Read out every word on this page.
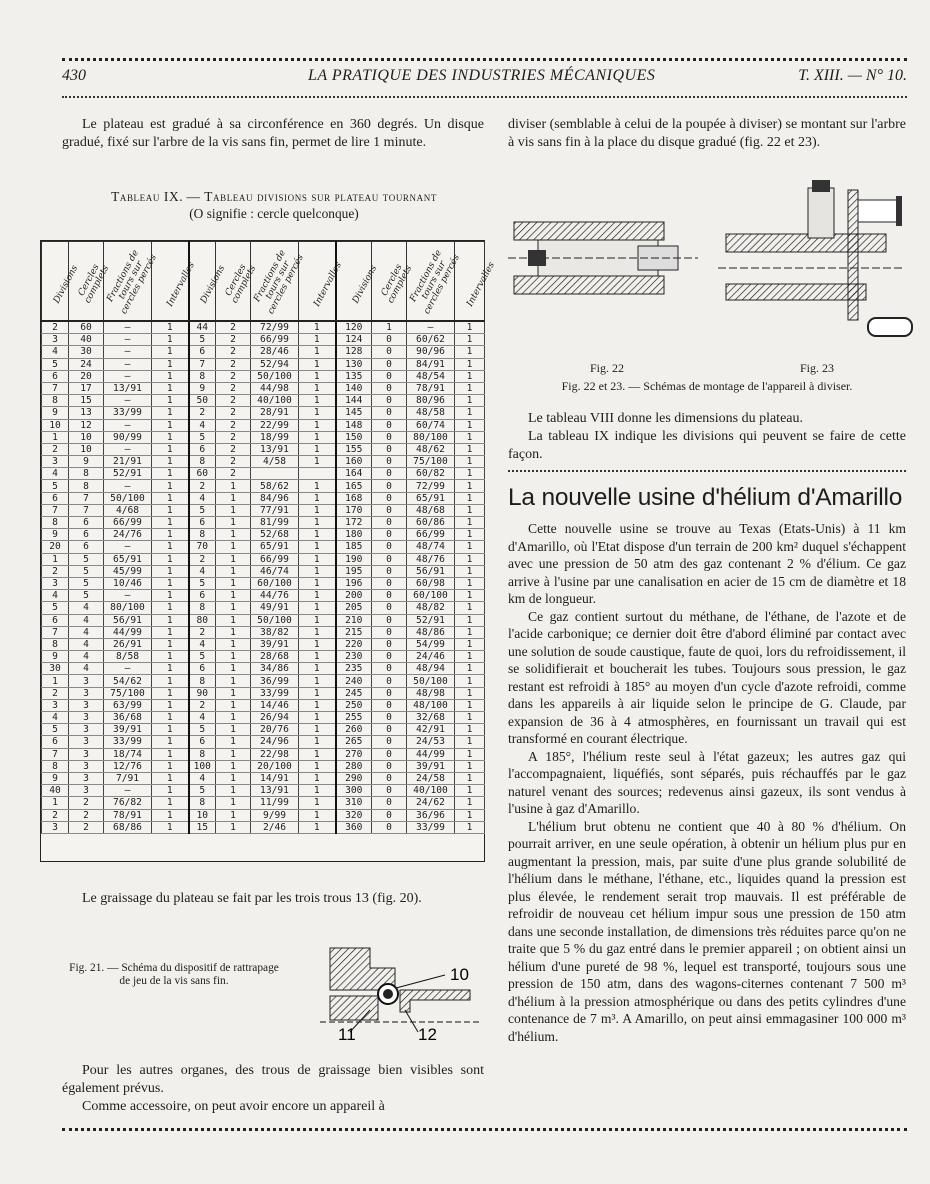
430	LA PRATIQUE DES INDUSTRIES MÉCANIQUES	T. XIII. — N° 10.

Le plateau est gradué à sa circonférence en 360 degrés. Un disque gradué, fixé sur l'arbre de la vis sans fin, permet de lire 1 minute.

Tableau IX. — Tableau divisions sur plateau tournant
(O signifie : cercle quelconque)
Divisions	Cercles complets	Fractions de tours sur cercles percés	Intervalles	Divisions	Cercles complets	Fractions de tours sur cercles percés	Intervalles	Divisions	Cercles complets	Fractions de tours sur cercles percés	Intervalles

2	60	—	1	44	2	72/99	1	120	1	—	1
3	40	—	1	5	2	66/99	1	124	0	60/62	1
4	30	—	1	6	2	28/46	1	128	0	90/96	1
5	24	—	1	7	2	52/94	1	130	0	84/91	1
6	20	—	1	8	2	50/100	1	135	0	48/54	1
7	17	13/91	1	9	2	44/98	1	140	0	78/91	1
8	15	—	1	50	2	40/100	1	144	0	80/96	1
9	13	33/99	1	2	2	28/91	1	145	0	48/58	1
10	12	—	1	4	2	22/99	1	148	0	60/74	1
1	10	90/99	1	5	2	18/99	1	150	0	80/100	1
2	10	—	1	6	2	13/91	1	155	0	48/62	1
3	9	21/91	1	8	2	4/58	1	160	0	75/100	1
4	8	52/91	1	60	2			164	0	60/82	1
5	8	—	1	2	1	58/62	1	165	0	72/99	1
6	7	50/100	1	4	1	84/96	1	168	0	65/91	1
7	7	4/68	1	5	1	77/91	1	170	0	48/68	1
8	6	66/99	1	6	1	81/99	1	172	0	60/86	1
9	6	24/76	1	8	1	52/68	1	180	0	66/99	1
20	6	—	1	70	1	65/91	1	185	0	48/74	1
1	5	65/91	1	2	1	66/99	1	190	0	48/76	1
2	5	45/99	1	4	1	46/74	1	195	0	56/91	1
3	5	10/46	1	5	1	60/100	1	196	0	60/98	1
4	5	—	1	6	1	44/76	1	200	0	60/100	1
5	4	80/100	1	8	1	49/91	1	205	0	48/82	1
6	4	56/91	1	80	1	50/100	1	210	0	52/91	1
7	4	44/99	1	2	1	38/82	1	215	0	48/86	1
8	4	26/91	1	4	1	39/91	1	220	0	54/99	1
9	4	8/58	1	5	1	28/68	1	230	0	24/46	1
30	4	—	1	6	1	34/86	1	235	0	48/94	1
1	3	54/62	1	8	1	36/99	1	240	0	50/100	1
2	3	75/100	1	90	1	33/99	1	245	0	48/98	1
3	3	63/99	1	2	1	14/46	1	250	0	48/100	1
4	3	36/68	1	4	1	26/94	1	255	0	32/68	1
5	3	39/91	1	5	1	20/76	1	260	0	42/91	1
6	3	33/99	1	6	1	24/96	1	265	0	24/53	1
7	3	18/74	1	8	1	22/98	1	270	0	44/99	1
8	3	12/76	1	100	1	20/100	1	280	0	39/91	1
9	3	7/91	1	4	1	14/91	1	290	0	24/58	1
40	3	—	1	5	1	13/91	1	300	0	40/100	1
1	2	76/82	1	8	1	11/99	1	310	0	24/62	1
2	2	78/91	1	10	1	9/99	1	320	0	36/96	1
3	2	68/86	1	15	1	2/46	1	360	0	33/99	1

Le graissage du plateau se fait par les trois trous 13 (fig. 20).

Fig. 21. — Schéma du dispositif de rattrapage de jeu de la vis sans fin.	10
11	12

Pour les autres organes, des trous de graissage bien visibles sont également prévus.

Comme accessoire, on peut avoir encore un appareil à

diviser (semblable à celui de la poupée à diviser) se montant sur l'arbre à vis sans fin à la place du disque gradué (fig. 22 et 23).

Fig. 22	Fig. 23
Fig. 22 et 23. — Schémas de montage de l'appareil à diviser.

Le tableau VIII donne les dimensions du plateau.

La tableau IX indique les divisions qui peuvent se faire de cette façon.

La nouvelle usine d'hélium d'Amarillo

Cette nouvelle usine se trouve au Texas (Etats-Unis) à 11 km d'Amarillo, où l'Etat dispose d'un terrain de 200 km² duquel s'échappent avec une pression de 50 atm des gaz contenant 2 % d'élium. Ce gaz arrive à l'usine par une canalisation en acier de 15 cm de diamètre et 18 km de longueur.

Ce gaz contient surtout du méthane, de l'éthane, de l'azote et de l'acide carbonique; ce dernier doit être d'abord éliminé par contact avec une solution de soude caustique, faute de quoi, lors du refroidissement, il se solidifierait et boucherait les tubes. Toujours sous pression, le gaz restant est refroidi à 185° au moyen d'un cycle d'azote refroidi, comme dans les appareils à air liquide selon le principe de G. Claude, par expansion de 36 à 4 atmosphères, en fournissant un travail qui est transformé en courant électrique.

A 185°, l'hélium reste seul à l'état gazeux; les autres gaz qui l'accompagnaient, liquéfiés, sont séparés, puis réchauffés par le gaz naturel venant des sources; redevenus ainsi gazeux, ils sont vendus à l'usine à gaz d'Amarillo.

L'hélium brut obtenu ne contient que 40 à 80 % d'hélium. On pourrait arriver, en une seule opération, à obtenir un hélium plus pur en augmentant la pression, mais, par suite d'une plus grande solubilité de l'hélium dans le méthane, l'éthane, etc., liquides quand la pression est plus élevée, le rendement serait trop mauvais. Il est préférable de refroidir de nouveau cet hélium impur sous une pression de 150 atm dans une seconde installation, de dimensions très réduites parce qu'on ne traite que 5 % du gaz entré dans le premier appareil ; on obtient ainsi un hélium d'une pureté de 98 %, lequel est transporté, toujours sous une pression de 150 atm, dans des wagons-citernes contenant 7 500 m³ d'hélium à la pression atmosphérique ou dans des petits cylindres d'une contenance de 7 m³. A Amarillo, on peut ainsi emmagasiner 100 000 m³ d'hélium.
